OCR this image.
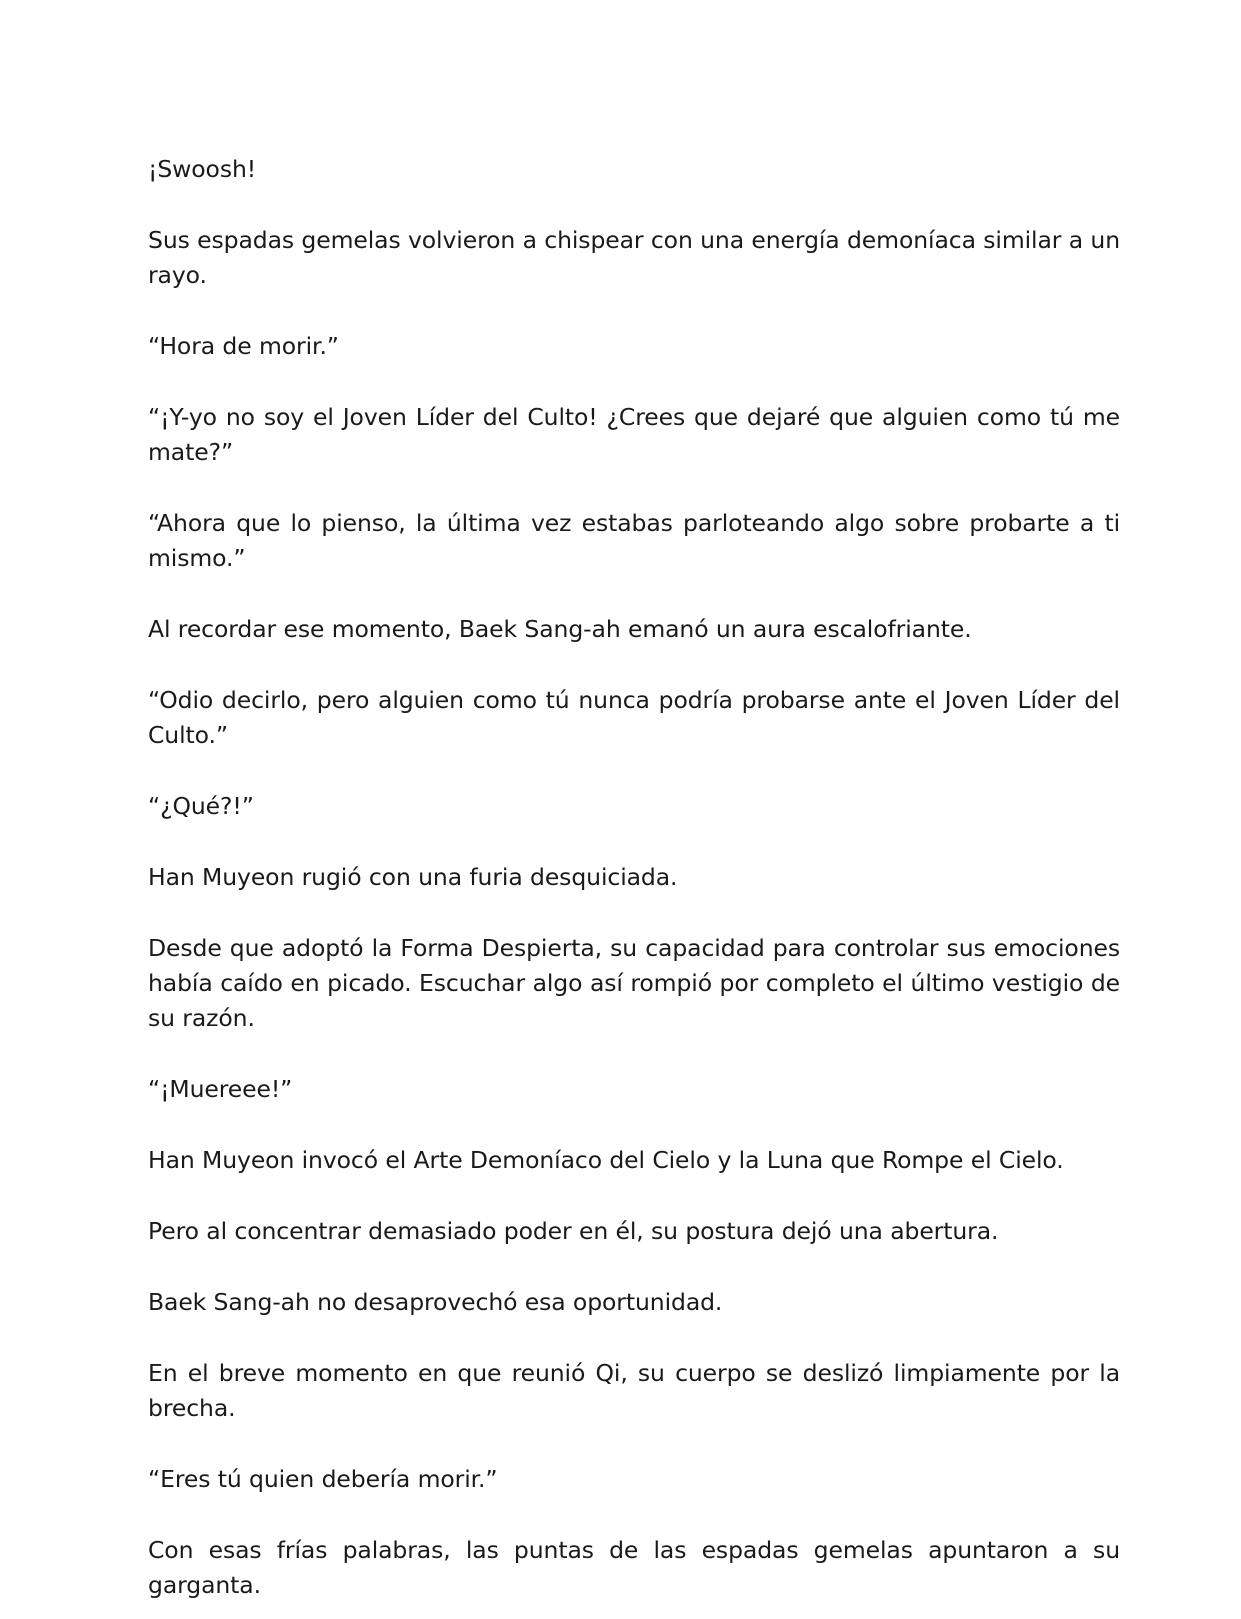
¡Swoosh!

Sus espadas gemelas volvieron a chispear con una energía demoníaca similar a un rayo.

“Hora de morir.”

“¡Y-yo no soy el Joven Líder del Culto! ¿Crees que dejaré que alguien como tú me mate?”

“Ahora que lo pienso, la última vez estabas parloteando algo sobre probarte a ti mismo.”

Al recordar ese momento, Baek Sang-ah emanó un aura escalofriante.

“Odio decirlo, pero alguien como tú nunca podría probarse ante el Joven Líder del Culto.”

“¿Qué?!”

Han Muyeon rugió con una furia desquiciada.

Desde que adoptó la Forma Despierta, su capacidad para controlar sus emociones había caído en picado. Escuchar algo así rompió por completo el último vestigio de su razón.

“¡Muereee!”

Han Muyeon invocó el Arte Demoníaco del Cielo y la Luna que Rompe el Cielo.

Pero al concentrar demasiado poder en él, su postura dejó una abertura.

Baek Sang-ah no desaprovechó esa oportunidad.

En el breve momento en que reunió Qi, su cuerpo se deslizó limpiamente por la brecha.

“Eres tú quien debería morir.”

Con esas frías palabras, las puntas de las espadas gemelas apuntaron a su garganta.
